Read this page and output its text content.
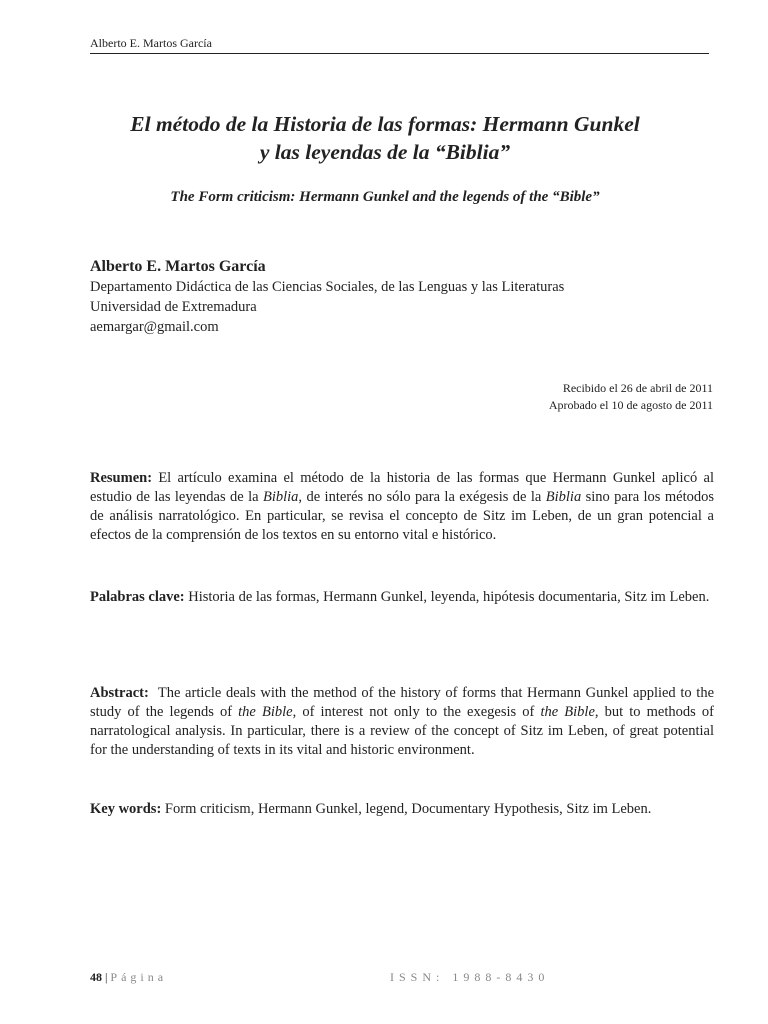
Alberto E. Martos García
El método de la Historia de las formas: Hermann Gunkel
y las leyendas de la “Biblia”
The Form criticism: Hermann Gunkel and the legends of the “Bible”
Alberto E. Martos García
Departamento Didáctica de las Ciencias Sociales, de las Lenguas y las Literaturas
Universidad de Extremadura
aemargar@gmail.com
Recibido el 26 de abril de 2011
Aprobado el 10 de agosto de 2011
Resumen: El artículo examina el método de la historia de las formas que Hermann Gunkel aplicó al estudio de las leyendas de la Biblia, de interés no sólo para la exégesis de la Biblia sino para los métodos de análisis narratológico. En particular, se revisa el concepto de Sitz im Leben, de un gran potencial a efectos de la comprensión de los textos en su entorno vital e histórico.
Palabras clave: Historia de las formas, Hermann Gunkel, leyenda, hipótesis documentaria, Sitz im Leben.
Abstract:  The article deals with the method of the history of forms that Hermann Gunkel applied to the study of the legends of the Bible, of interest not only to the exegesis of the Bible, but to methods of narratological analysis. In particular, there is a review of the concept of Sitz im Leben, of great potential for the understanding of texts in its vital and historic environment.
Key words: Form criticism, Hermann Gunkel, legend, Documentary Hypothesis, Sitz im Leben.
48 | Página	ISSN: 1988-8430
